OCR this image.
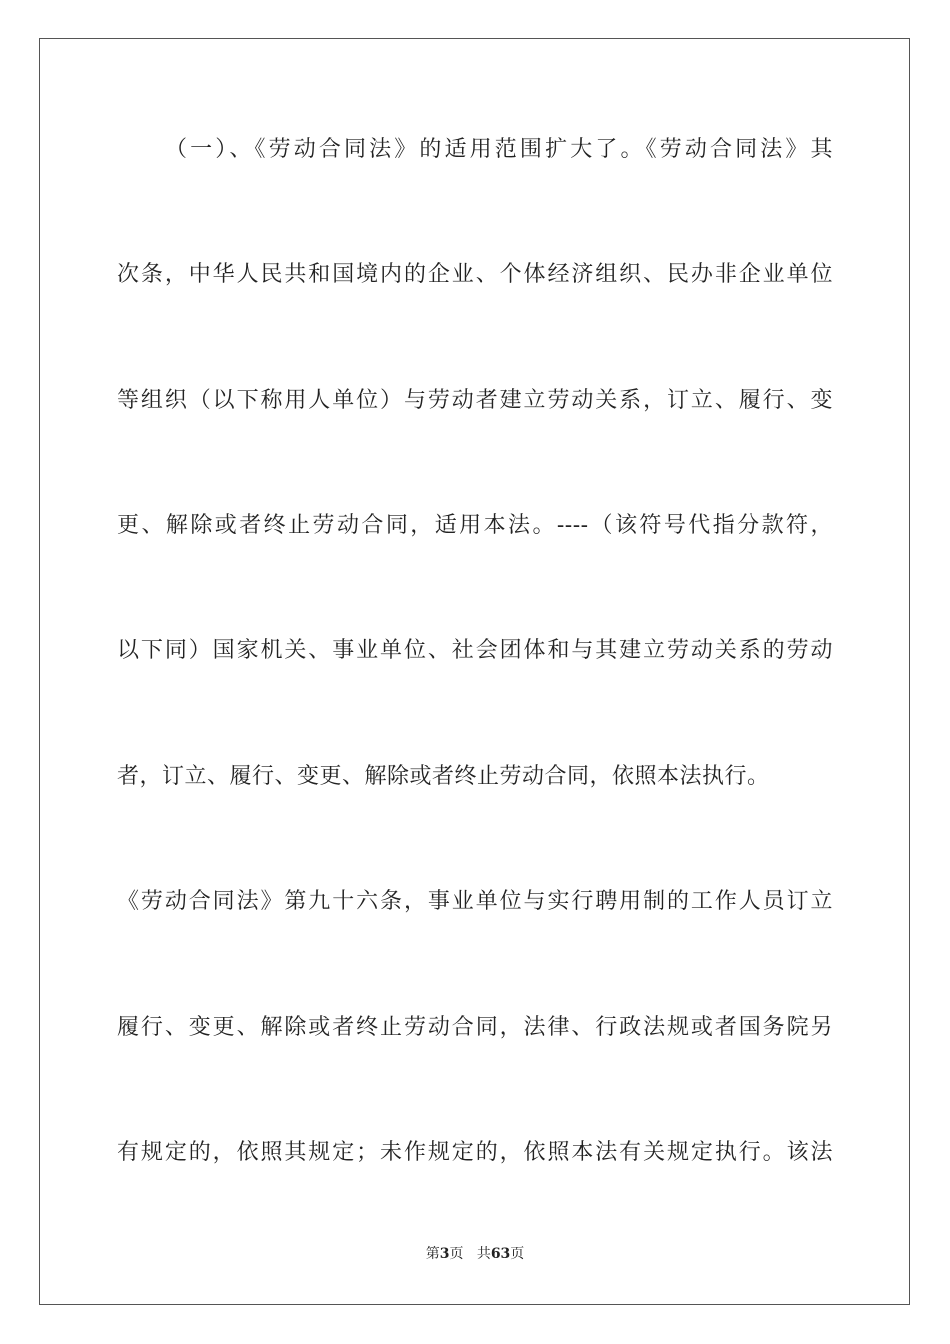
（一）、《劳动合同法》的适用范围扩大了。《劳动合同法》其
次条，中华人民共和国境内的企业、个体经济组织、民办非企业单位
等组织（以下称用人单位）与劳动者建立劳动关系，订立、履行、变
更、解除或者终止劳动合同，适用本法。----（该符号代指分款符，
以下同）国家机关、事业单位、社会团体和与其建立劳动关系的劳动
者，订立、履行、变更、解除或者终止劳动合同，依照本法执行。
《劳动合同法》第九十六条，事业单位与实行聘用制的工作人员订立
履行、变更、解除或者终止劳动合同，法律、行政法规或者国务院另
有规定的，依照其规定；未作规定的，依照本法有关规定执行。该法
第3页 共63页
